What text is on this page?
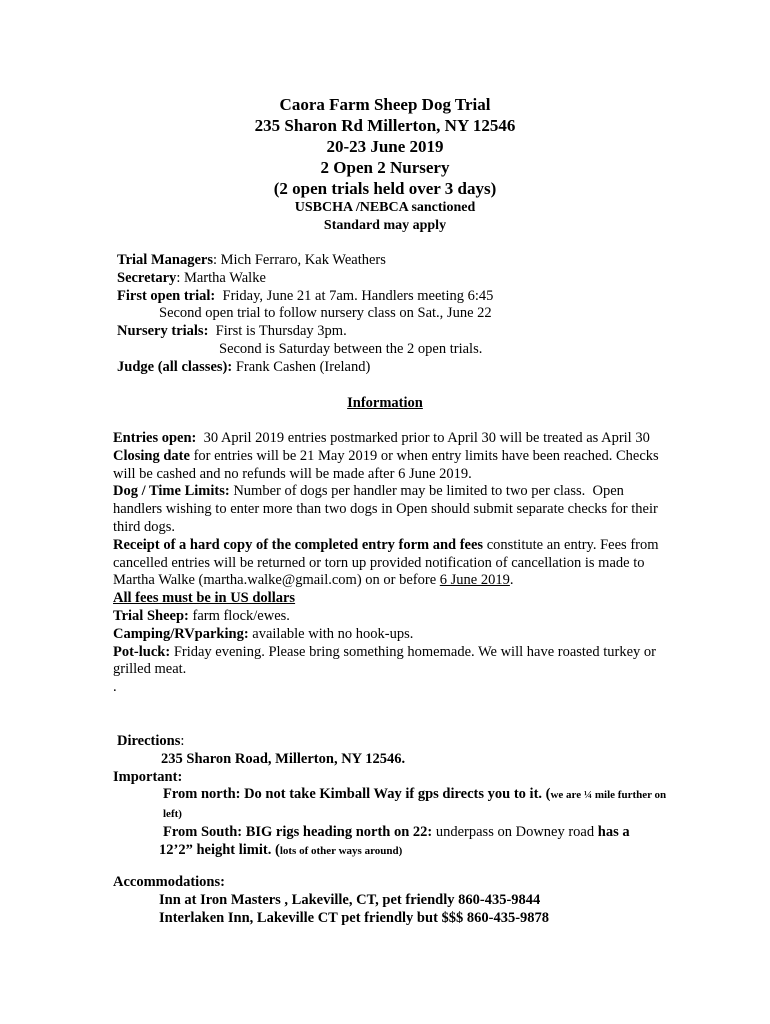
Caora Farm Sheep Dog Trial
235 Sharon Rd Millerton, NY 12546
20-23 June 2019
2 Open 2 Nursery
(2 open trials held over 3 days)
USBCHA /NEBCA sanctioned
Standard may apply
Trial Managers: Mich Ferraro, Kak Weathers
Secretary: Martha Walke
First open trial:  Friday, June 21 at 7am. Handlers meeting 6:45
Second open trial to follow nursery class on Sat., June 22
Nursery trials:  First is Thursday 3pm.
Second is Saturday between the 2 open trials.
Judge (all classes): Frank Cashen (Ireland)
Information

Entries open:  30 April 2019 entries postmarked prior to April 30 will be treated as April 30

Closing date for entries will be 21 May 2019 or when entry limits have been reached. Checks will be cashed and no refunds will be made after 6 June 2019.

Dog / Time Limits: Number of dogs per handler may be limited to two per class.  Open handlers wishing to enter more than two dogs in Open should submit separate checks for their third dogs.

Receipt of a hard copy of the completed entry form and fees constitute an entry. Fees from cancelled entries will be returned or torn up provided notification of cancellation is made to Martha Walke (martha.walke@gmail.com) on or before 6 June 2019.

All fees must be in US dollars

Trial Sheep: farm flock/ewes.

Camping/RVparking: available with no hook-ups.

Pot-luck: Friday evening. Please bring something homemade. We will have roasted turkey or grilled meat.

.

Directions:
235 Sharon Road, Millerton, NY 12546.
Important:
From north: Do not take Kimball Way if gps directs you to it. (we are ¼ mile further on left)
From South: BIG rigs heading north on 22: underpass on Downey road has a
12’2” height limit. (lots of other ways around)
Accommodations:
Inn at Iron Masters , Lakeville, CT, pet friendly 860-435-9844
Interlaken Inn, Lakeville CT pet friendly but $$$ 860-435-9878
